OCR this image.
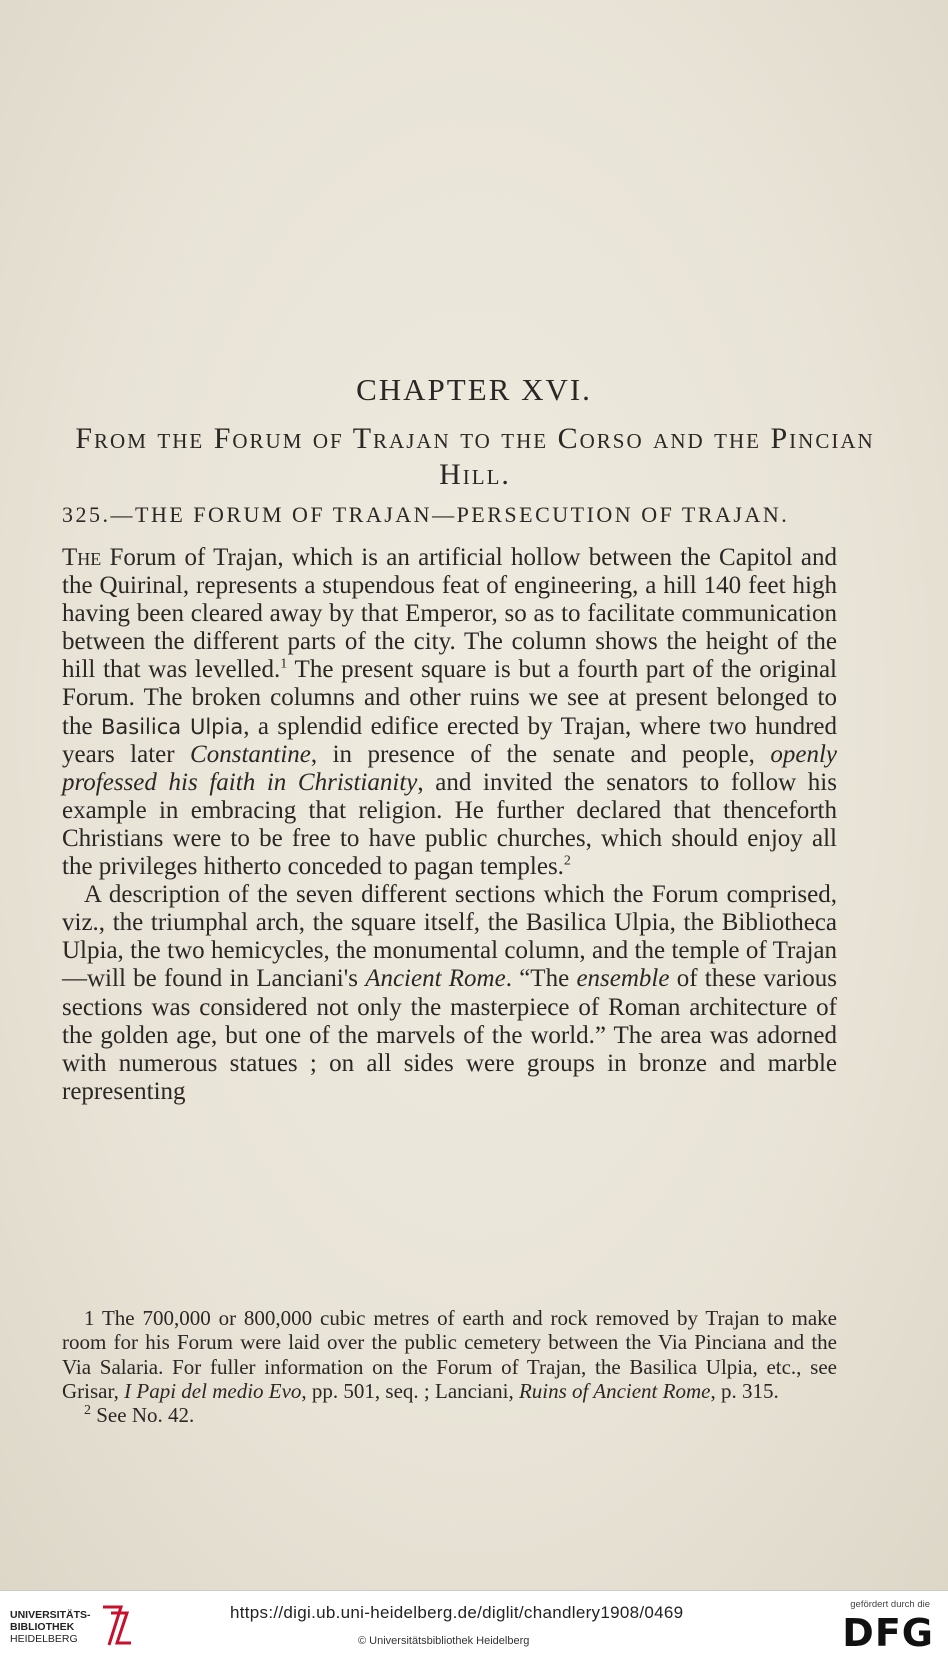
CHAPTER XVI.
From the Forum of Trajan to the Corso and the Pincian Hill.
325.—THE FORUM OF TRAJAN—PERSECUTION OF TRAJAN.

The Forum of Trajan, which is an artificial hollow between the Capitol and the Quirinal, represents a stupendous feat of engineering, a hill 140 feet high having been cleared away by that Emperor, so as to facilitate communication between the different parts of the city. The column shows the height of the hill that was levelled.$^1$ The present square is but a fourth part of the original Forum. The broken columns and other ruins we see at present belonged to the Basilica Ulpia, a splendid edifice erected by Trajan, where two hundred years later Constantine, in presence of the senate and people, openly professed his faith in Christianity, and invited the senators to follow his example in embracing that religion. He further declared that thenceforth Christians were to be free to have public churches, which should enjoy all the privileges hitherto conceded to pagan temples.$^2$

A description of the seven different sections which the Forum comprised, viz., the triumphal arch, the square itself, the Basilica Ulpia, the Bibliotheca Ulpia, the two hemicycles, the monumental column, and the temple of Trajan—will be found in Lanciani's Ancient Rome. “The ensemble of these various sections was considered not only the masterpiece of Roman architecture of the golden age, but one of the marvels of the world.” The area was adorned with numerous statues ; on all sides were groups in bronze and marble representing

1 The 700,000 or 800,000 cubic metres of earth and rock removed by Trajan to make room for his Forum were laid over the public cemetery between the Via Pinciana and the Via Salaria. For fuller information on the Forum of Trajan, the Basilica Ulpia, etc., see Grisar, I Papi del medio Evo, pp. 501, seq. ; Lanciani, Ruins of Ancient Rome, p. 315.

$^2$ See No. 42.

UNIVERSITÄTS-
BIBLIOTHEK
HEIDELBERG
https://digi.ub.uni-heidelberg.de/diglit/chandlery1908/0469
© Universitätsbibliothek Heidelberg
gefördert durch die
DFG
